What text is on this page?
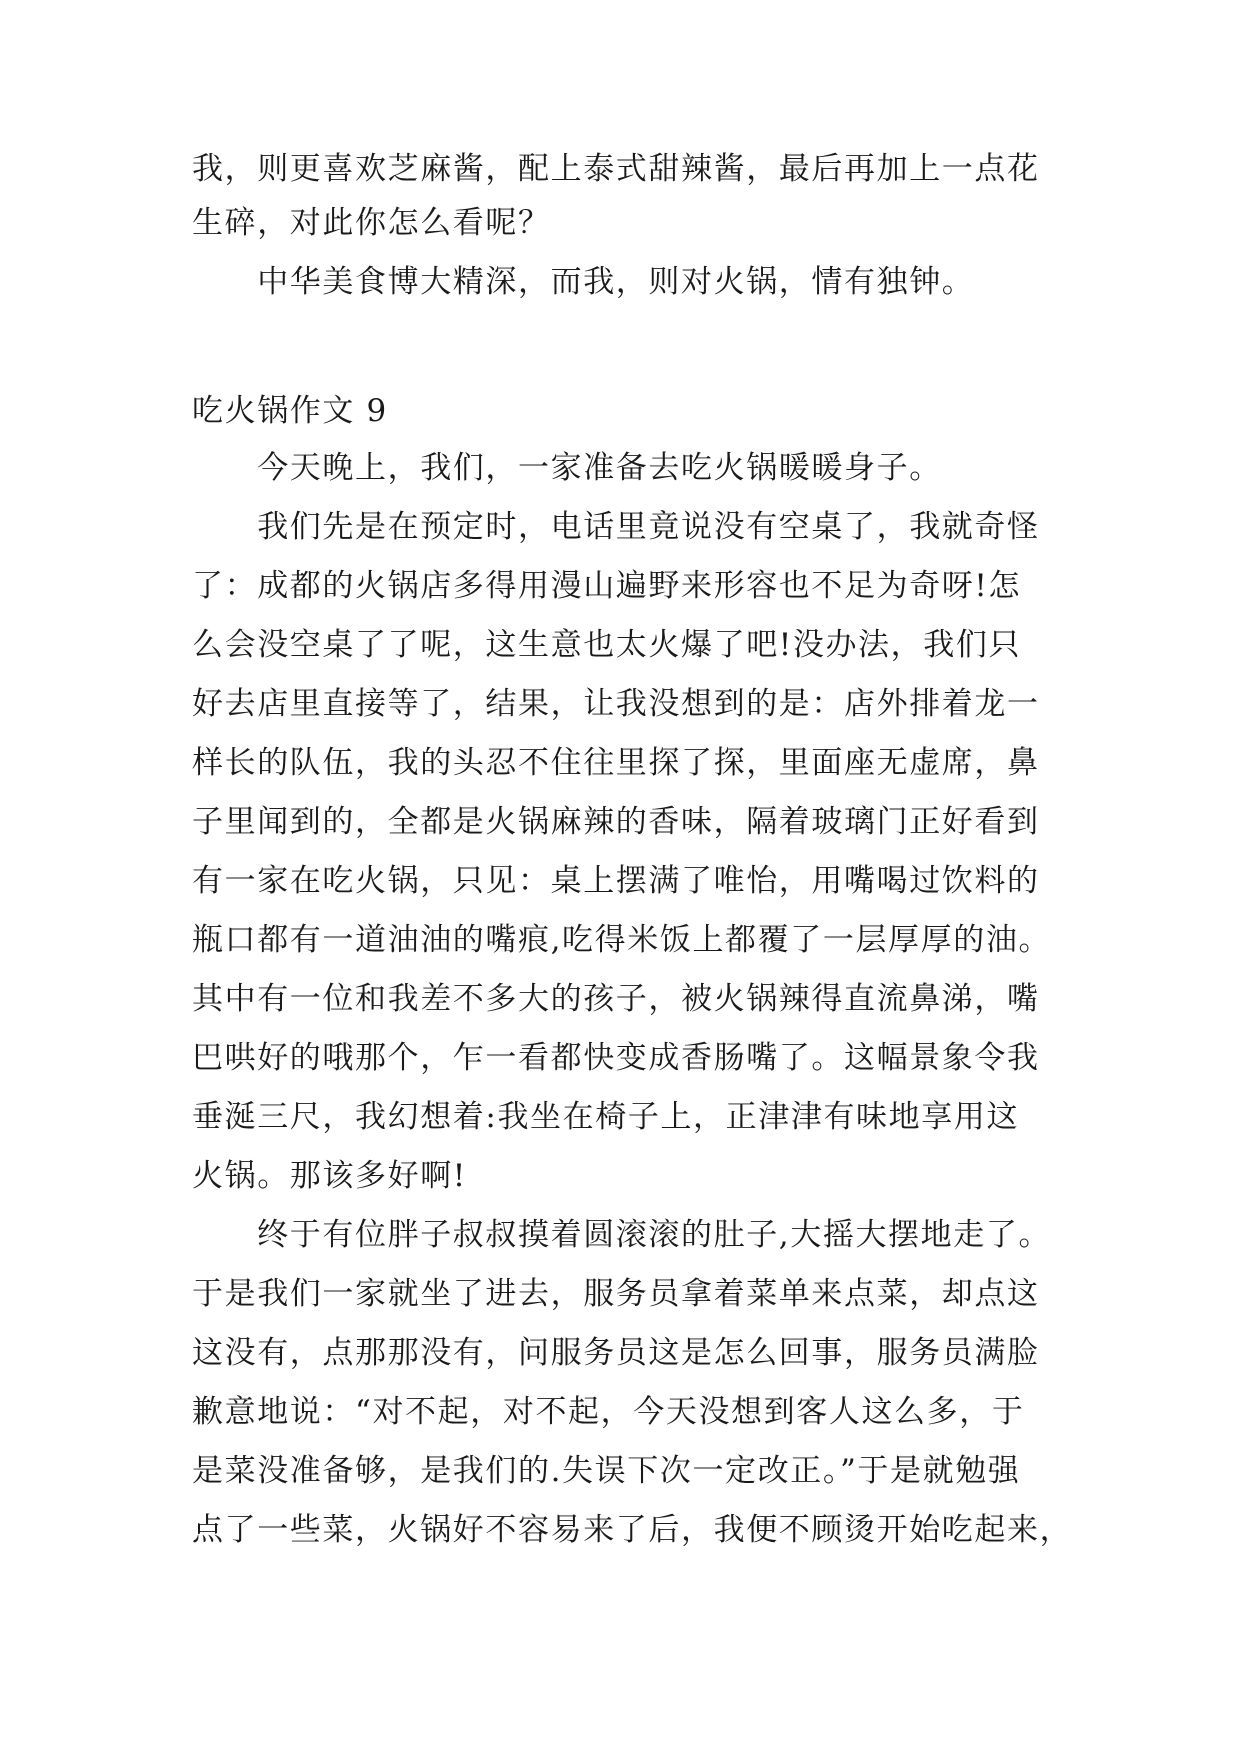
我，则更喜欢芝麻酱，配上泰式甜辣酱，最后再加上一点花
生碎，对此你怎么看呢？
　　中华美食博大精深，而我，则对火锅，情有独钟。
吃火锅作文 9
　　今天晚上，我们，一家准备去吃火锅暖暖身子。
　　我们先是在预定时，电话里竟说没有空桌了，我就奇怪
了：成都的火锅店多得用漫山遍野来形容也不足为奇呀!怎
么会没空桌了了呢，这生意也太火爆了吧!没办法，我们只
好去店里直接等了，结果，让我没想到的是：店外排着龙一
样长的队伍，我的头忍不住往里探了探，里面座无虚席，鼻
子里闻到的，全都是火锅麻辣的香味，隔着玻璃门正好看到
有一家在吃火锅，只见：桌上摆满了唯怡，用嘴喝过饮料的
瓶口都有一道油油的嘴痕,吃得米饭上都覆了一层厚厚的油。
其中有一位和我差不多大的孩子，被火锅辣得直流鼻涕，嘴
巴哄好的哦那个，乍一看都快变成香肠嘴了。这幅景象令我
垂涎三尺，我幻想着:我坐在椅子上，正津津有味地享用这
火锅。那该多好啊!
　　终于有位胖子叔叔摸着圆滚滚的肚子,大摇大摆地走了。
于是我们一家就坐了进去，服务员拿着菜单来点菜，却点这
这没有，点那那没有，问服务员这是怎么回事，服务员满脸
歉意地说：“对不起，对不起，今天没想到客人这么多，于
是菜没准备够，是我们的.失误下次一定改正。”于是就勉强
点了一些菜，火锅好不容易来了后，我便不顾烫开始吃起来，
